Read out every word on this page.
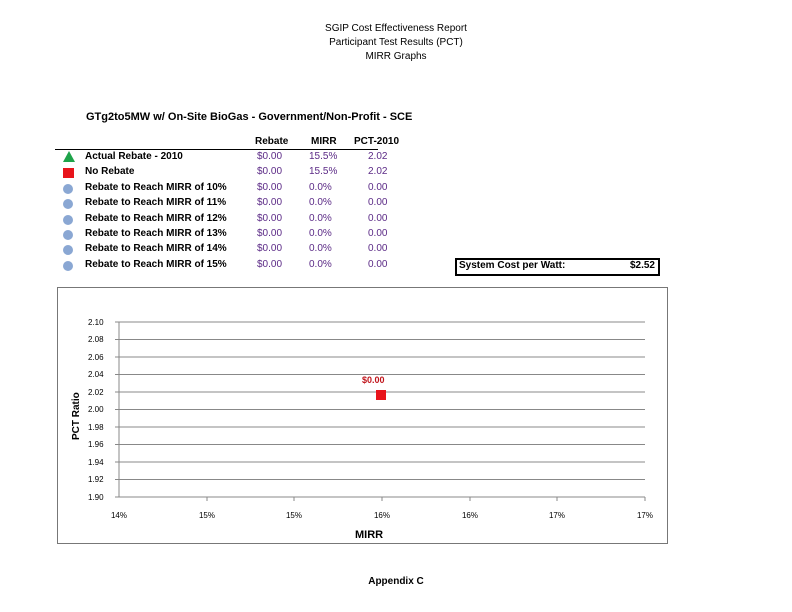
SGIP Cost Effectiveness Report
Participant Test Results (PCT)
MIRR Graphs
GTg2to5MW w/ On-Site BioGas - Government/Non-Profit - SCE
Rebate MIRR PCT-2010
Actual Rebate - 2010	$0.00	15.5%	2.02
No Rebate	$0.00	15.5%	2.02
Rebate to Reach MIRR of 10%	$0.00	0.0%	0.00
Rebate to Reach MIRR of 11%	$0.00	0.0%	0.00
Rebate to Reach MIRR of 12%	$0.00	0.0%	0.00
Rebate to Reach MIRR of 13%	$0.00	0.0%	0.00
Rebate to Reach MIRR of 14%	$0.00	0.0%	0.00
Rebate to Reach MIRR of 15%	$0.00	0.0%	0.00	System Cost per Watt:	$2.52
$0.00
2.10
2.08
2.06
2.04
2.02
2.00
1.98
1.96
1.94
1.92
1.90
14%	15%	15%	16%	16%	17%	17%
PCT Ratio
MIRR
Appendix C
